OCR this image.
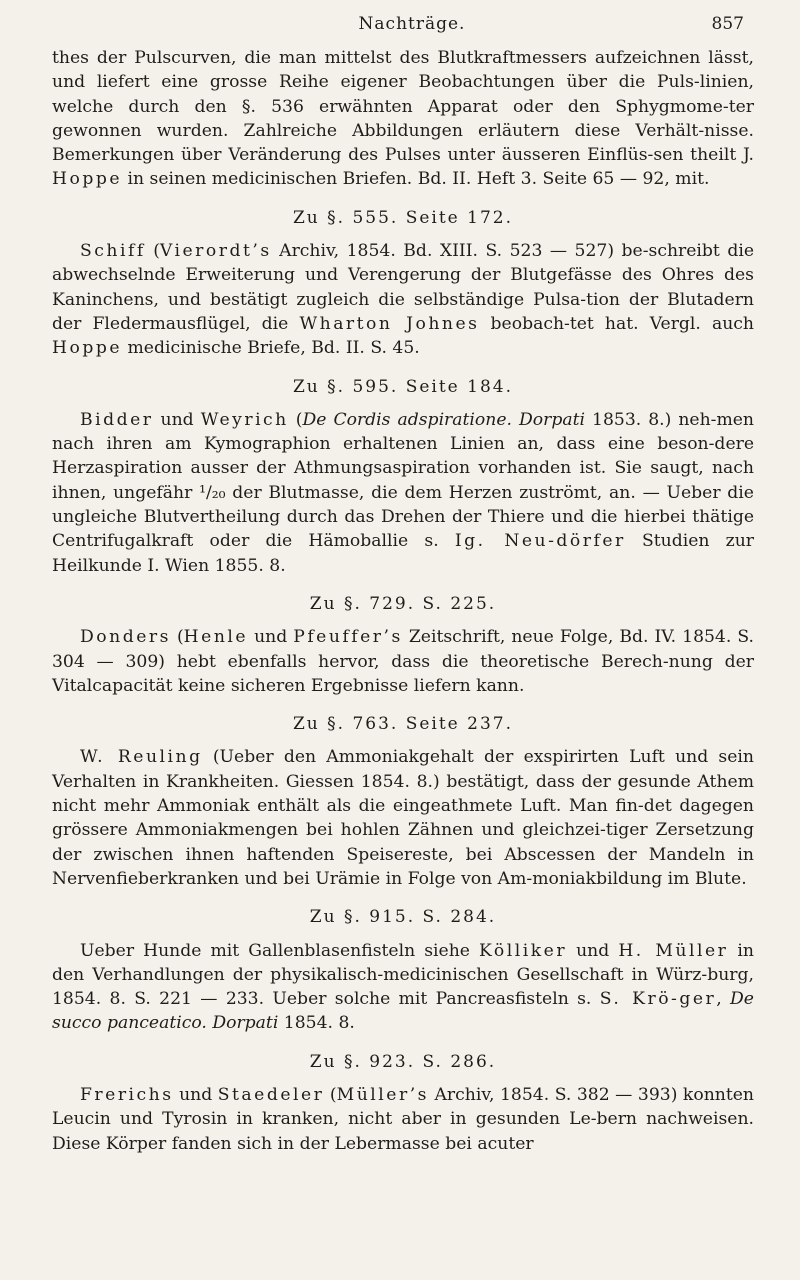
Nachträge.	857

thes der Pulscurven, die man mittelst des Blutkraftmessers aufzeichnen lässt, und liefert eine grosse Reihe eigener Beobachtungen über die Puls-linien, welche durch den §. 536 erwähnten Apparat oder den Sphygmome-ter gewonnen wurden. Zahlreiche Abbildungen erläutern diese Verhält-nisse. Bemerkungen über Veränderung des Pulses unter äusseren Einflüs-sen theilt J. Hoppe in seinen medicinischen Briefen. Bd. II. Heft 3. Seite 65 — 92, mit.

Zu §. 555. Seite 172.

Schiff (Vierordt’s Archiv, 1854. Bd. XIII. S. 523 — 527) be-schreibt die abwechselnde Erweiterung und Verengerung der Blutgefässe des Ohres des Kaninchens, und bestätigt zugleich die selbständige Pulsa-tion der Blutadern der Fledermausflügel, die Wharton Johnes beobach-tet hat. Vergl. auch Hoppe medicinische Briefe, Bd. II. S. 45.

Zu §. 595. Seite 184.

Bidder und Weyrich (De Cordis adspiratione. Dorpati 1853. 8.) neh-men nach ihren am Kymographion erhaltenen Linien an, dass eine beson-dere Herzaspiration ausser der Athmungsaspiration vorhanden ist. Sie saugt, nach ihnen, ungefähr ¹/₂₀ der Blutmasse, die dem Herzen zuströmt, an. — Ueber die ungleiche Blutvertheilung durch das Drehen der Thiere und die hierbei thätige Centrifugalkraft oder die Hämoballie s. Ig. Neu-dörfer Studien zur Heilkunde I. Wien 1855. 8.

Zu §. 729. S. 225.

Donders (Henle und Pfeuffer’s Zeitschrift, neue Folge, Bd. IV. 1854. S. 304 — 309) hebt ebenfalls hervor, dass die theoretische Berech-nung der Vitalcapacität keine sicheren Ergebnisse liefern kann.

Zu §. 763. Seite 237.

W. Reuling (Ueber den Ammoniakgehalt der exspirirten Luft und sein Verhalten in Krankheiten. Giessen 1854. 8.) bestätigt, dass der gesunde Athem nicht mehr Ammoniak enthält als die eingeathmete Luft. Man fin-det dagegen grössere Ammoniakmengen bei hohlen Zähnen und gleichzei-tiger Zersetzung der zwischen ihnen haftenden Speisereste, bei Abscessen der Mandeln in Nervenfieberkranken und bei Urämie in Folge von Am-moniakbildung im Blute.

Zu §. 915. S. 284.

Ueber Hunde mit Gallenblasenfisteln siehe Kölliker und H. Müller in den Verhandlungen der physikalisch-medicinischen Gesellschaft in Würz-burg, 1854. 8. S. 221 — 233. Ueber solche mit Pancreasfisteln s. S. Krö-ger, De succo panceatico. Dorpati 1854. 8.

Zu §. 923. S. 286.

Frerichs und Staedeler (Müller’s Archiv, 1854. S. 382 — 393) konnten Leucin und Tyrosin in kranken, nicht aber in gesunden Le-bern nachweisen. Diese Körper fanden sich in der Lebermasse bei acuter
